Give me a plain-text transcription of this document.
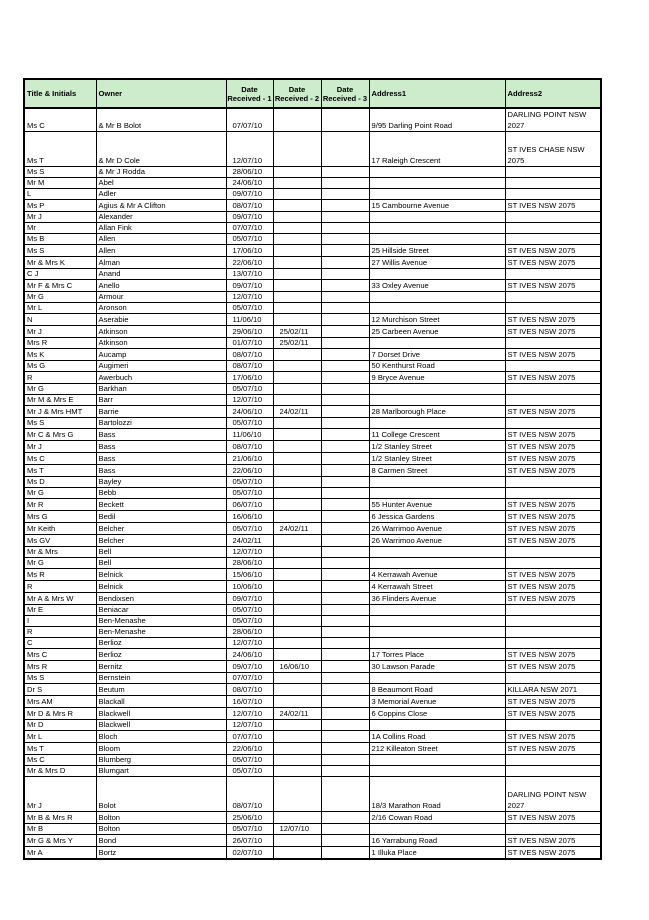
Title & Initials	Owner	Date Received - 1	Date Received - 2	Date Received - 3	Address1	Address2
Ms C	& Mr B Bolot	07/07/10			9/95 Darling Point Road	DARLING POINT NSW 2027
Ms T	& Mr D Cole	12/07/10			17 Raleigh Crescent	ST IVES CHASE NSW 2075
Ms S	& Mr J Rodda	28/06/10				
Mr M	Abel	24/06/10				
L	Adler	09/07/10				
Ms P	Agius & Mr A Clifton	08/07/10			15 Cambourne Avenue	ST IVES NSW 2075
Mr J	Alexander	09/07/10				
Mr	Allan Fink	07/07/10				
Ms B	Allen	05/07/10				
Ms S	Allen	17/06/10			25 Hillside Street	ST IVES NSW 2075
Mr & Mrs K	Alman	22/06/10			27 Willis Avenue	ST IVES NSW 2075
C J	Anand	13/07/10				
Mr F & Mrs C	Anello	09/07/10			33 Oxley Avenue	ST IVES NSW 2075
Mr G	Armour	12/07/10				
Mr L	Aronson	05/07/10				
N	Aserabie	11/06/10			12 Murchison Street	ST IVES NSW 2075
Mr J	Atkinson	29/06/10	25/02/11		25 Carbeen Avenue	ST IVES NSW 2075
Mrs R	Atkinson	01/07/10	25/02/11			
Ms K	Aucamp	08/07/10			7 Dorset Drive	ST IVES NSW 2075
Ms G	Augimeri	08/07/10			50 Kenthurst Road	
R	Awerbuch	17/06/10			9 Bryce Avenue	ST IVES NSW 2075
Mr G	Barkhan	05/07/10				
Mr M & Mrs E	Barr	12/07/10				
Mr J & Mrs HMT	Barrie	24/06/10	24/02/11		28 Marlborough Place	ST IVES NSW 2075
Ms S	Bartolozzi	05/07/10				
Mr C & Mrs G	Bass	11/06/10			11 College Crescent	ST IVES NSW 2075
Mr J	Bass	08/07/10			1/2 Stanley Street	ST IVES NSW 2075
Ms C	Bass	21/06/10			1/2 Stanley Street	ST IVES NSW 2075
Ms T	Bass	22/06/10			8 Carmen Street	ST IVES NSW 2075
Ms D	Bayley	05/07/10				
Mr G	Bebb	05/07/10				
Mr R	Beckett	06/07/10			55 Hunter Avenue	ST IVES NSW 2075
Mrs G	Bedil	16/06/10			6 Jessica Gardens	ST IVES NSW 2075
Mr Keith	Belcher	05/07/10	24/02/11		26 Warrimoo Avenue	ST IVES NSW 2075
Ms GV	Belcher	24/02/11			26 Warrimoo Avenue	ST IVES NSW 2075
Mr & Mrs	Bell	12/07/10				
Mr G	Bell	28/06/10				
Ms R	Belnick	15/06/10			4 Kerrawah Avenue	ST IVES NSW 2075
R	Belnick	10/06/10			4 Kerrawah Street	ST IVES NSW 2075
Mr A & Mrs W	Bendixsen	09/07/10			36 Flinders Avenue	ST IVES NSW 2075
Mr E	Beniacar	05/07/10				
I	Ben-Menashe	05/07/10				
R	Ben-Menashe	28/06/10				
C	Berlioz	12/07/10				
Mrs C	Berlioz	24/06/10			17 Torres Place	ST IVES NSW 2075
Mrs R	Bernitz	09/07/10	16/06/10		30 Lawson Parade	ST IVES NSW 2075
Ms S	Bernstein	07/07/10				
Dr S	Beutum	08/07/10			8 Beaumont Road	KILLARA NSW 2071
Mrs AM	Blackall	16/07/10			3 Memorial Avenue	ST IVES NSW 2075
Mr D & Mrs R	Blackwell	12/07/10	24/02/11		6 Coppins Close	ST IVES NSW 2075
Mr D	Blackwell	12/07/10				
Mr L	Bloch	07/07/10			1A Collins Road	ST IVES NSW 2075
Ms T	Bloom	22/06/10			212 Killeaton Street	ST IVES NSW 2075
Ms C	Blumberg	05/07/10				
Mr & Mrs D	Blumgart	05/07/10				
Mr J	Bolot	08/07/10			18/3 Marathon Road	DARLING POINT NSW 2027
Mr B & Mrs R	Bolton	25/06/10			2/16 Cowan Road	ST IVES NSW 2075
Mr B	Bolton	05/07/10	12/07/10			
Mr G & Mrs Y	Bond	26/07/10			16 Yarrabung Road	ST IVES NSW 2075
Mr A	Bortz	02/07/10			1 Illuka Place	ST IVES NSW 2075
